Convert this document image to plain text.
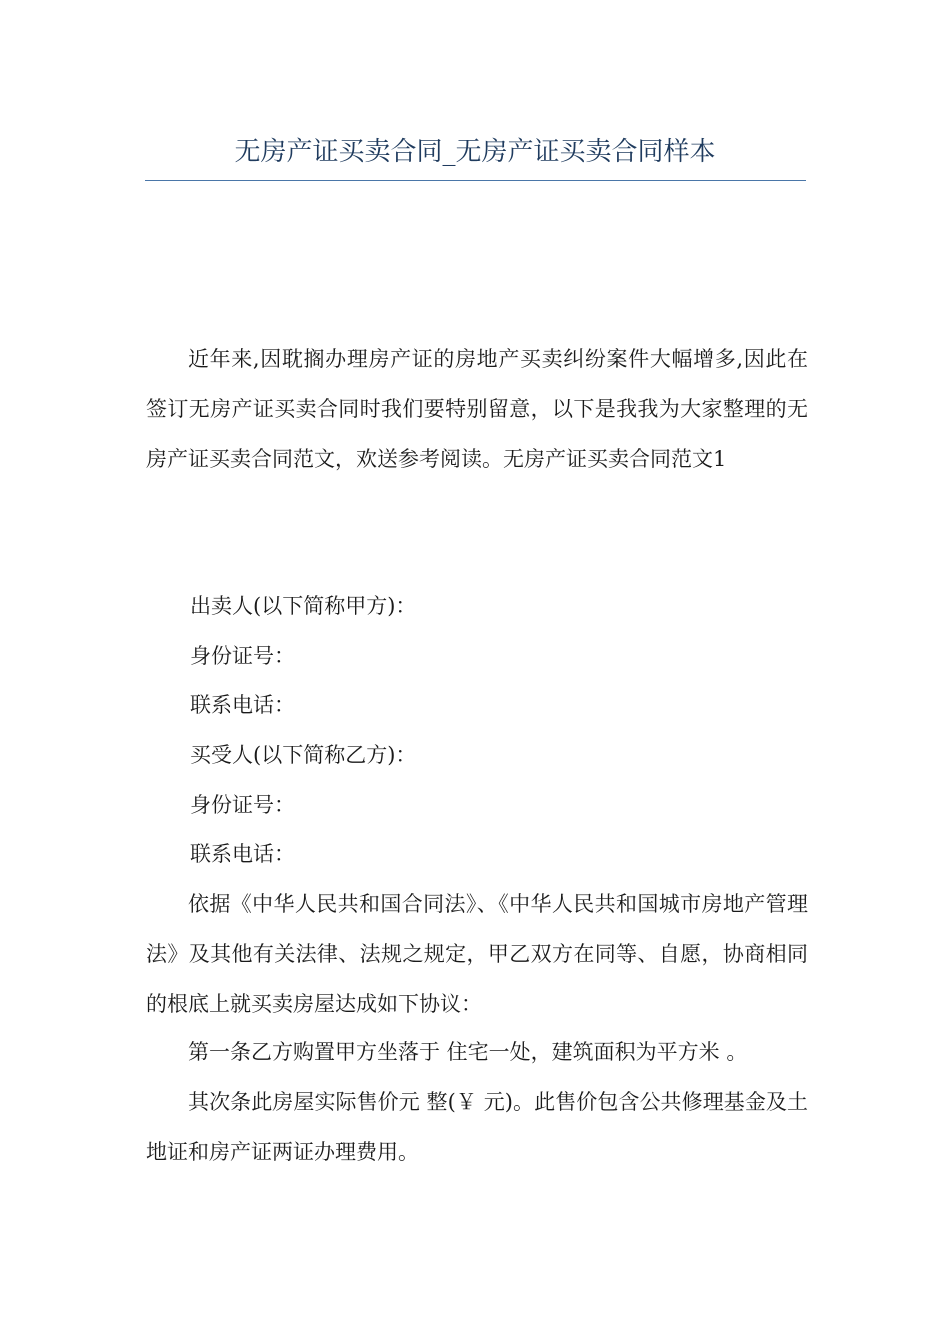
无房产证买卖合同_无房产证买卖合同样本

近年来,因耽搁办理房产证的房地产买卖纠纷案件大幅增多,因此在签订无房产证买卖合同时我们要特别留意，以下是我我为大家整理的无房产证买卖合同范文，欢送参考阅读。无房产证买卖合同范文1

出卖人(以下简称甲方)：

身份证号：

联系电话：

买受人(以下简称乙方)：

身份证号：

联系电话：

依据《中华人民共和国合同法》、《中华人民共和国城市房地产管理法》及其他有关法律、法规之规定，甲乙双方在同等、自愿，协商相同的根底上就买卖房屋达成如下协议：

第一条乙方购置甲方坐落于 住宅一处，建筑面积为平方米 。

其次条此房屋实际售价元 整(￥ 元)。此售价包含公共修理基金及土地证和房产证两证办理费用。
